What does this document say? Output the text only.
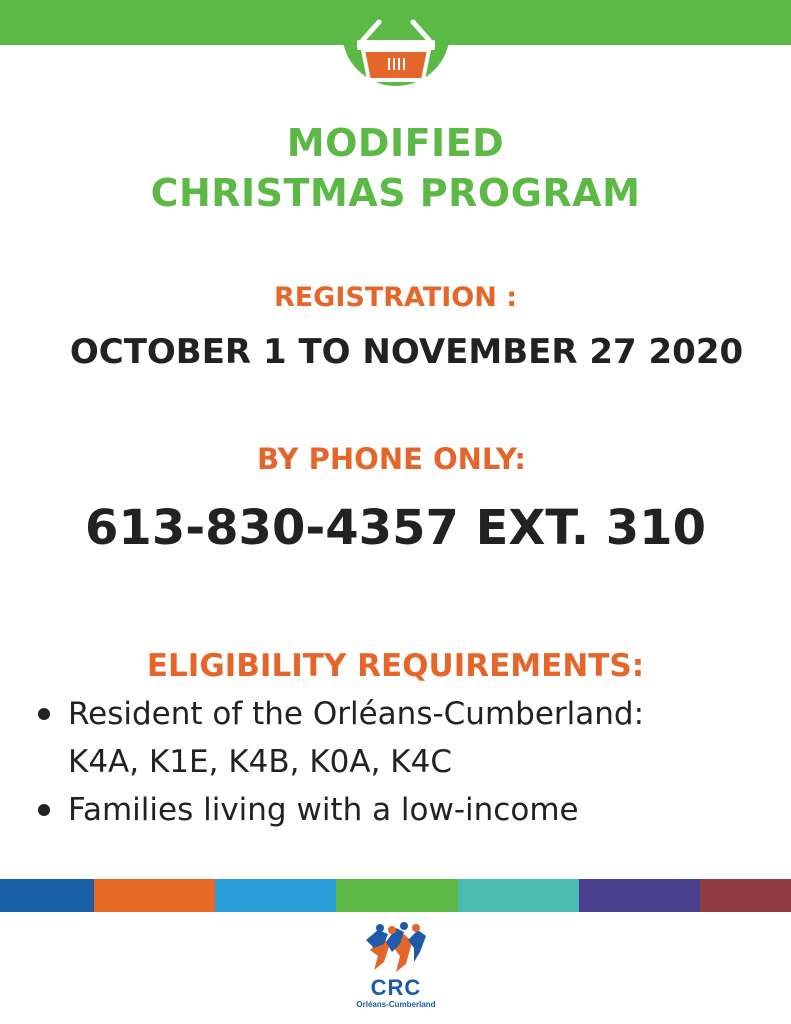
MODIFIED
CHRISTMAS PROGRAM
REGISTRATION :
OCTOBER 1 TO NOVEMBER 27 2020
BY PHONE ONLY:
613-830-4357 EXT. 310
ELIGIBILITY REQUIREMENTS:
Resident of the Orléans-Cumberland:
K4A, K1E, K4B, K0A, K4C
Families living with a low-income
CRC
Orléans-Cumberland
